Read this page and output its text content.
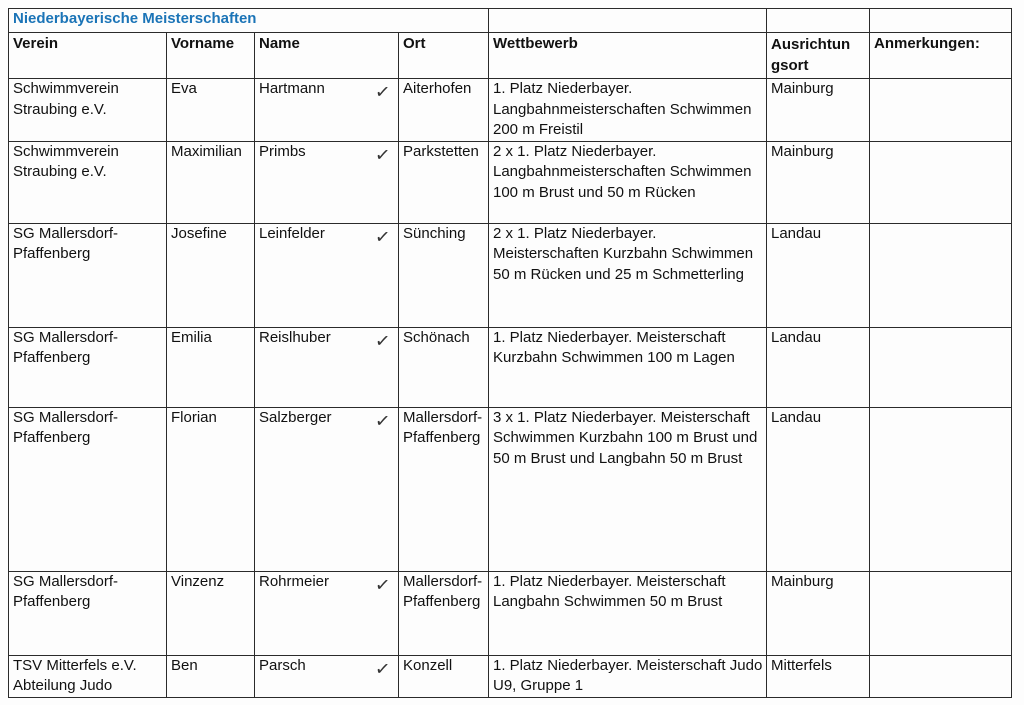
Niederbayerische Meisterschaften						
Verein	Vorname	Name	Ort	Wettbewerb	Ausrichtun gsort	Anmerkungen:
Schwimmverein Straubing e.V.	Eva	Hartmann ✓	Aiterhofen	1. Platz Niederbayer. Langbahnmeisterschaften Schwimmen 200 m Freistil	Mainburg	
Schwimmverein Straubing e.V.	Maximilian	Primbs ✓	Parkstetten	2 x 1. Platz Niederbayer. Langbahnmeisterschaften Schwimmen 100 m Brust und 50 m Rücken	Mainburg	
SG Mallersdorf-Pfaffenberg	Josefine	Leinfelder ✓	Sünching	2 x 1. Platz Niederbayer. Meisterschaften Kurzbahn Schwimmen 50 m Rücken und 25 m Schmetterling	Landau	
SG Mallersdorf-Pfaffenberg	Emilia	Reislhuber ✓	Schönach	1. Platz Niederbayer. Meisterschaft Kurzbahn Schwimmen 100 m Lagen	Landau	
SG Mallersdorf-Pfaffenberg	Florian	Salzberger ✓	Mallersdorf-Pfaffenberg	3 x 1. Platz Niederbayer. Meisterschaft Schwimmen Kurzbahn 100 m Brust und 50 m Brust und Langbahn 50 m Brust	Landau	
SG Mallersdorf-Pfaffenberg	Vinzenz	Rohrmeier ✓	Mallersdorf-Pfaffenberg	1. Platz Niederbayer. Meisterschaft Langbahn Schwimmen 50 m Brust	Mainburg	
TSV Mitterfels e.V. Abteilung Judo	Ben	Parsch ✓	Konzell	1. Platz Niederbayer. Meisterschaft Judo U9, Gruppe 1	Mitterfels	
